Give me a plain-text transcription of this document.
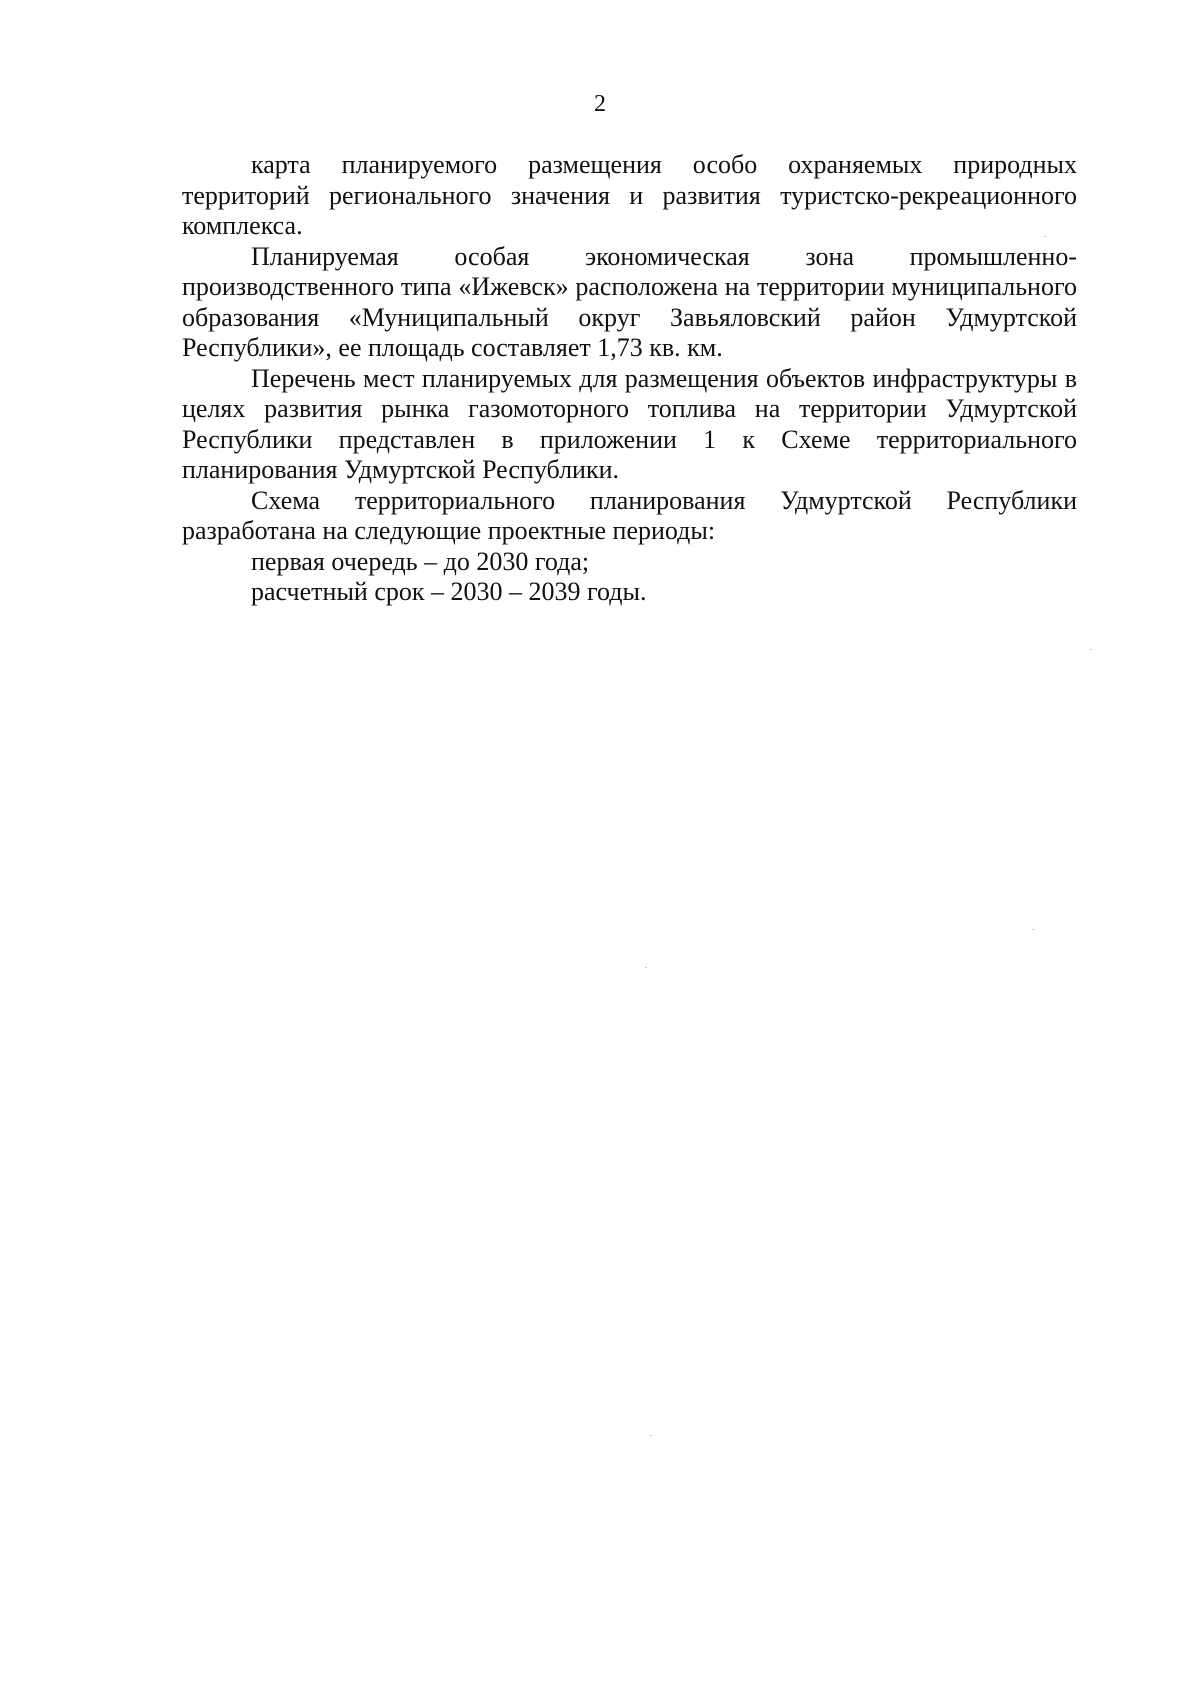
2

карта планируемого размещения особо охраняемых природных территорий регионального значения и развития туристско-рекреационного комплекса.

Планируемая особая экономическая зона промышленно-производственного типа «Ижевск» расположена на территории муниципального образования «Муниципальный округ Завьяловский район Удмуртской Республики», ее площадь составляет 1,73 кв. км.

Перечень мест планируемых для размещения объектов инфраструктуры в целях развития рынка газомоторного топлива на территории Удмуртской Республики представлен в приложении 1 к Схеме территориального планирования Удмуртской Республики.

Схема территориального планирования Удмуртской Республики разработана на следующие проектные периоды:

первая очередь – до 2030 года;

расчетный срок – 2030 – 2039 годы.
